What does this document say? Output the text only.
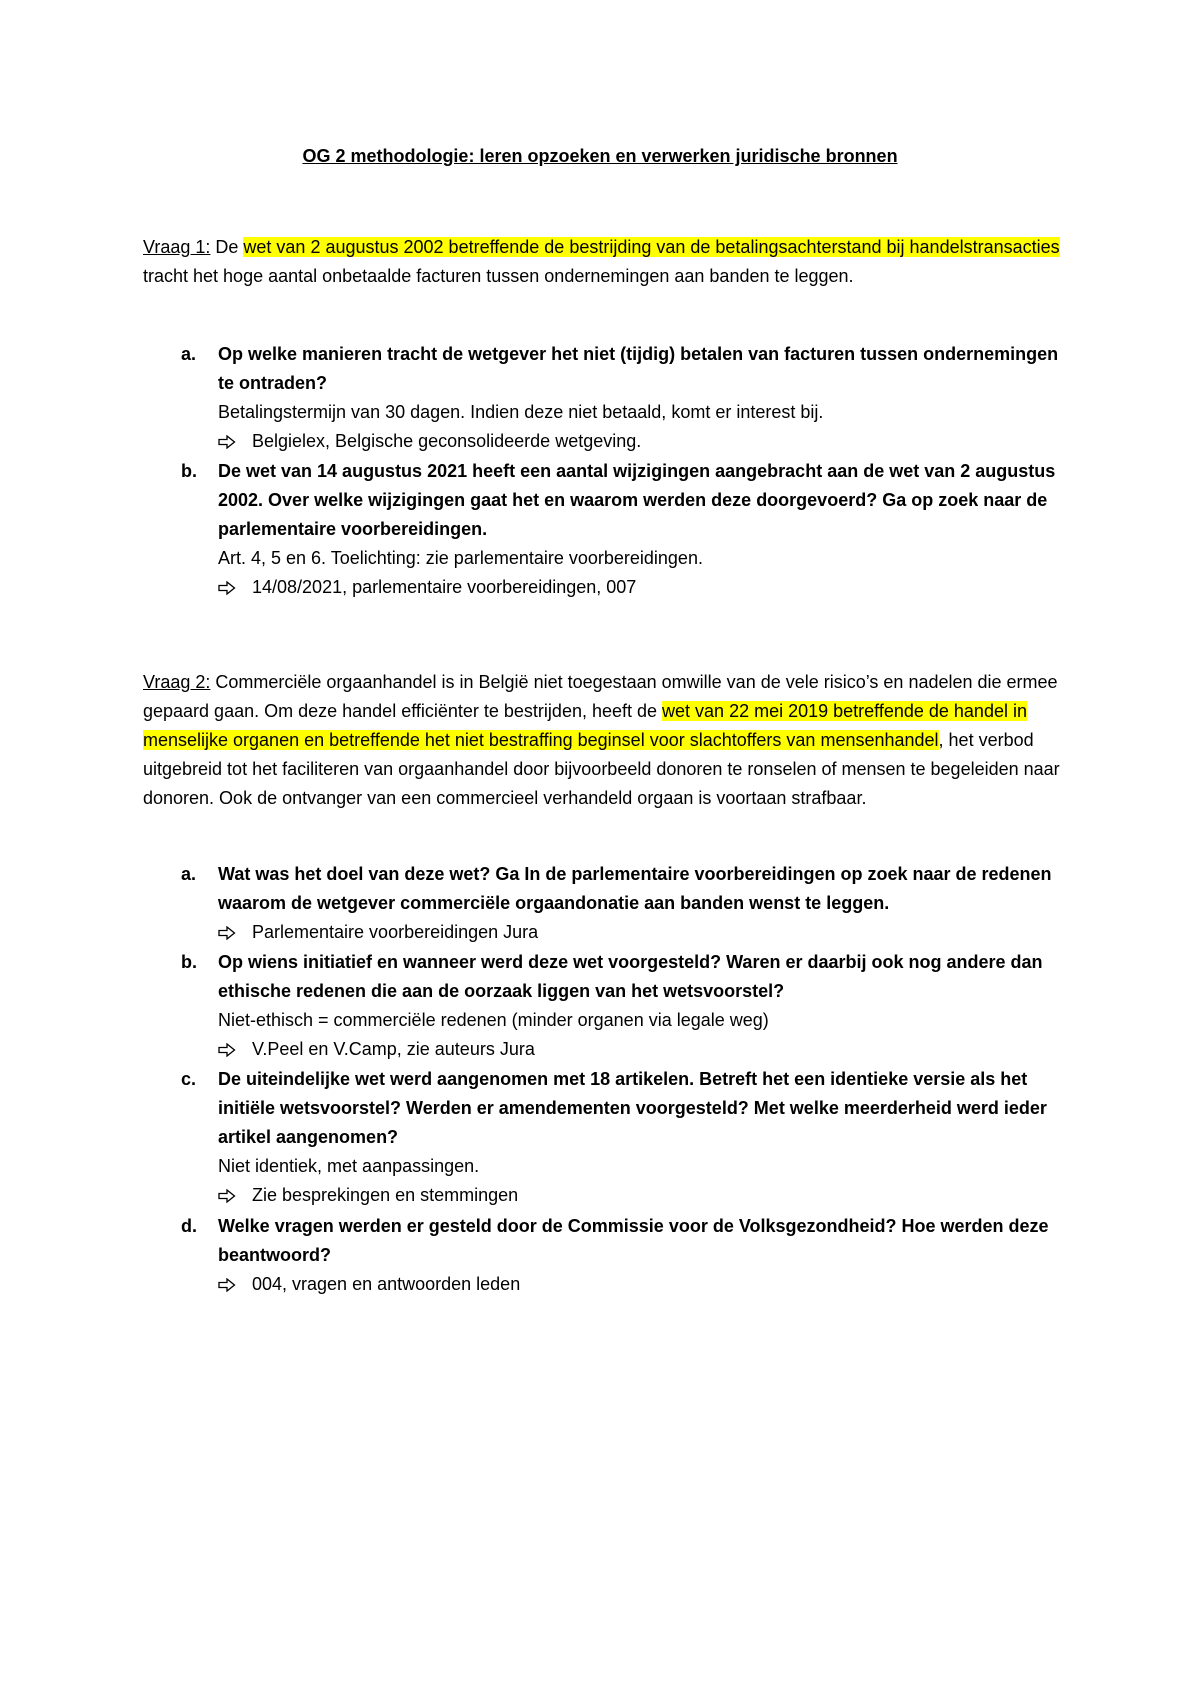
OG 2 methodologie: leren opzoeken en verwerken juridische bronnen
Vraag 1: De wet van 2 augustus 2002 betreffende de bestrijding van de betalingsachterstand bij handelstransacties tracht het hoge aantal onbetaalde facturen tussen ondernemingen aan banden te leggen.
a. Op welke manieren tracht de wetgever het niet (tijdig) betalen van facturen tussen ondernemingen te ontraden?
Betalingstermijn van 30 dagen. Indien deze niet betaald, komt er interest bij.
Belgielex, Belgische geconsolideerde wetgeving.
b. De wet van 14 augustus 2021 heeft een aantal wijzigingen aangebracht aan de wet van 2 augustus 2002. Over welke wijzigingen gaat het en waarom werden deze doorgevoerd? Ga op zoek naar de parlementaire voorbereidingen.
Art. 4, 5 en 6. Toelichting: zie parlementaire voorbereidingen.
14/08/2021, parlementaire voorbereidingen, 007
Vraag 2: Commerciële orgaanhandel is in België niet toegestaan omwille van de vele risico’s en nadelen die ermee gepaard gaan. Om deze handel efficiënter te bestrijden, heeft de wet van 22 mei 2019 betreffende de handel in menselijke organen en betreffende het niet bestraffing beginsel voor slachtoffers van mensenhandel, het verbod uitgebreid tot het faciliteren van orgaanhandel door bijvoorbeeld donoren te ronselen of mensen te begeleiden naar donoren. Ook de ontvanger van een commercieel verhandeld orgaan is voortaan strafbaar.
a. Wat was het doel van deze wet? Ga In de parlementaire voorbereidingen op zoek naar de redenen waarom de wetgever commerciële orgaandonatie aan banden wenst te leggen.
Parlementaire voorbereidingen Jura
b. Op wiens initiatief en wanneer werd deze wet voorgesteld? Waren er daarbij ook nog andere dan ethische redenen die aan de oorzaak liggen van het wetsvoorstel?
Niet-ethisch = commerciële redenen (minder organen via legale weg)
V.Peel en V.Camp, zie auteurs Jura
c. De uiteindelijke wet werd aangenomen met 18 artikelen. Betreft het een identieke versie als het initiële wetsvoorstel? Werden er amendementen voorgesteld? Met welke meerderheid werd ieder artikel aangenomen?
Niet identiek, met aanpassingen.
Zie besprekingen en stemmingen
d. Welke vragen werden er gesteld door de Commissie voor de Volksgezondheid? Hoe werden deze beantwoord?
004, vragen en antwoorden leden
